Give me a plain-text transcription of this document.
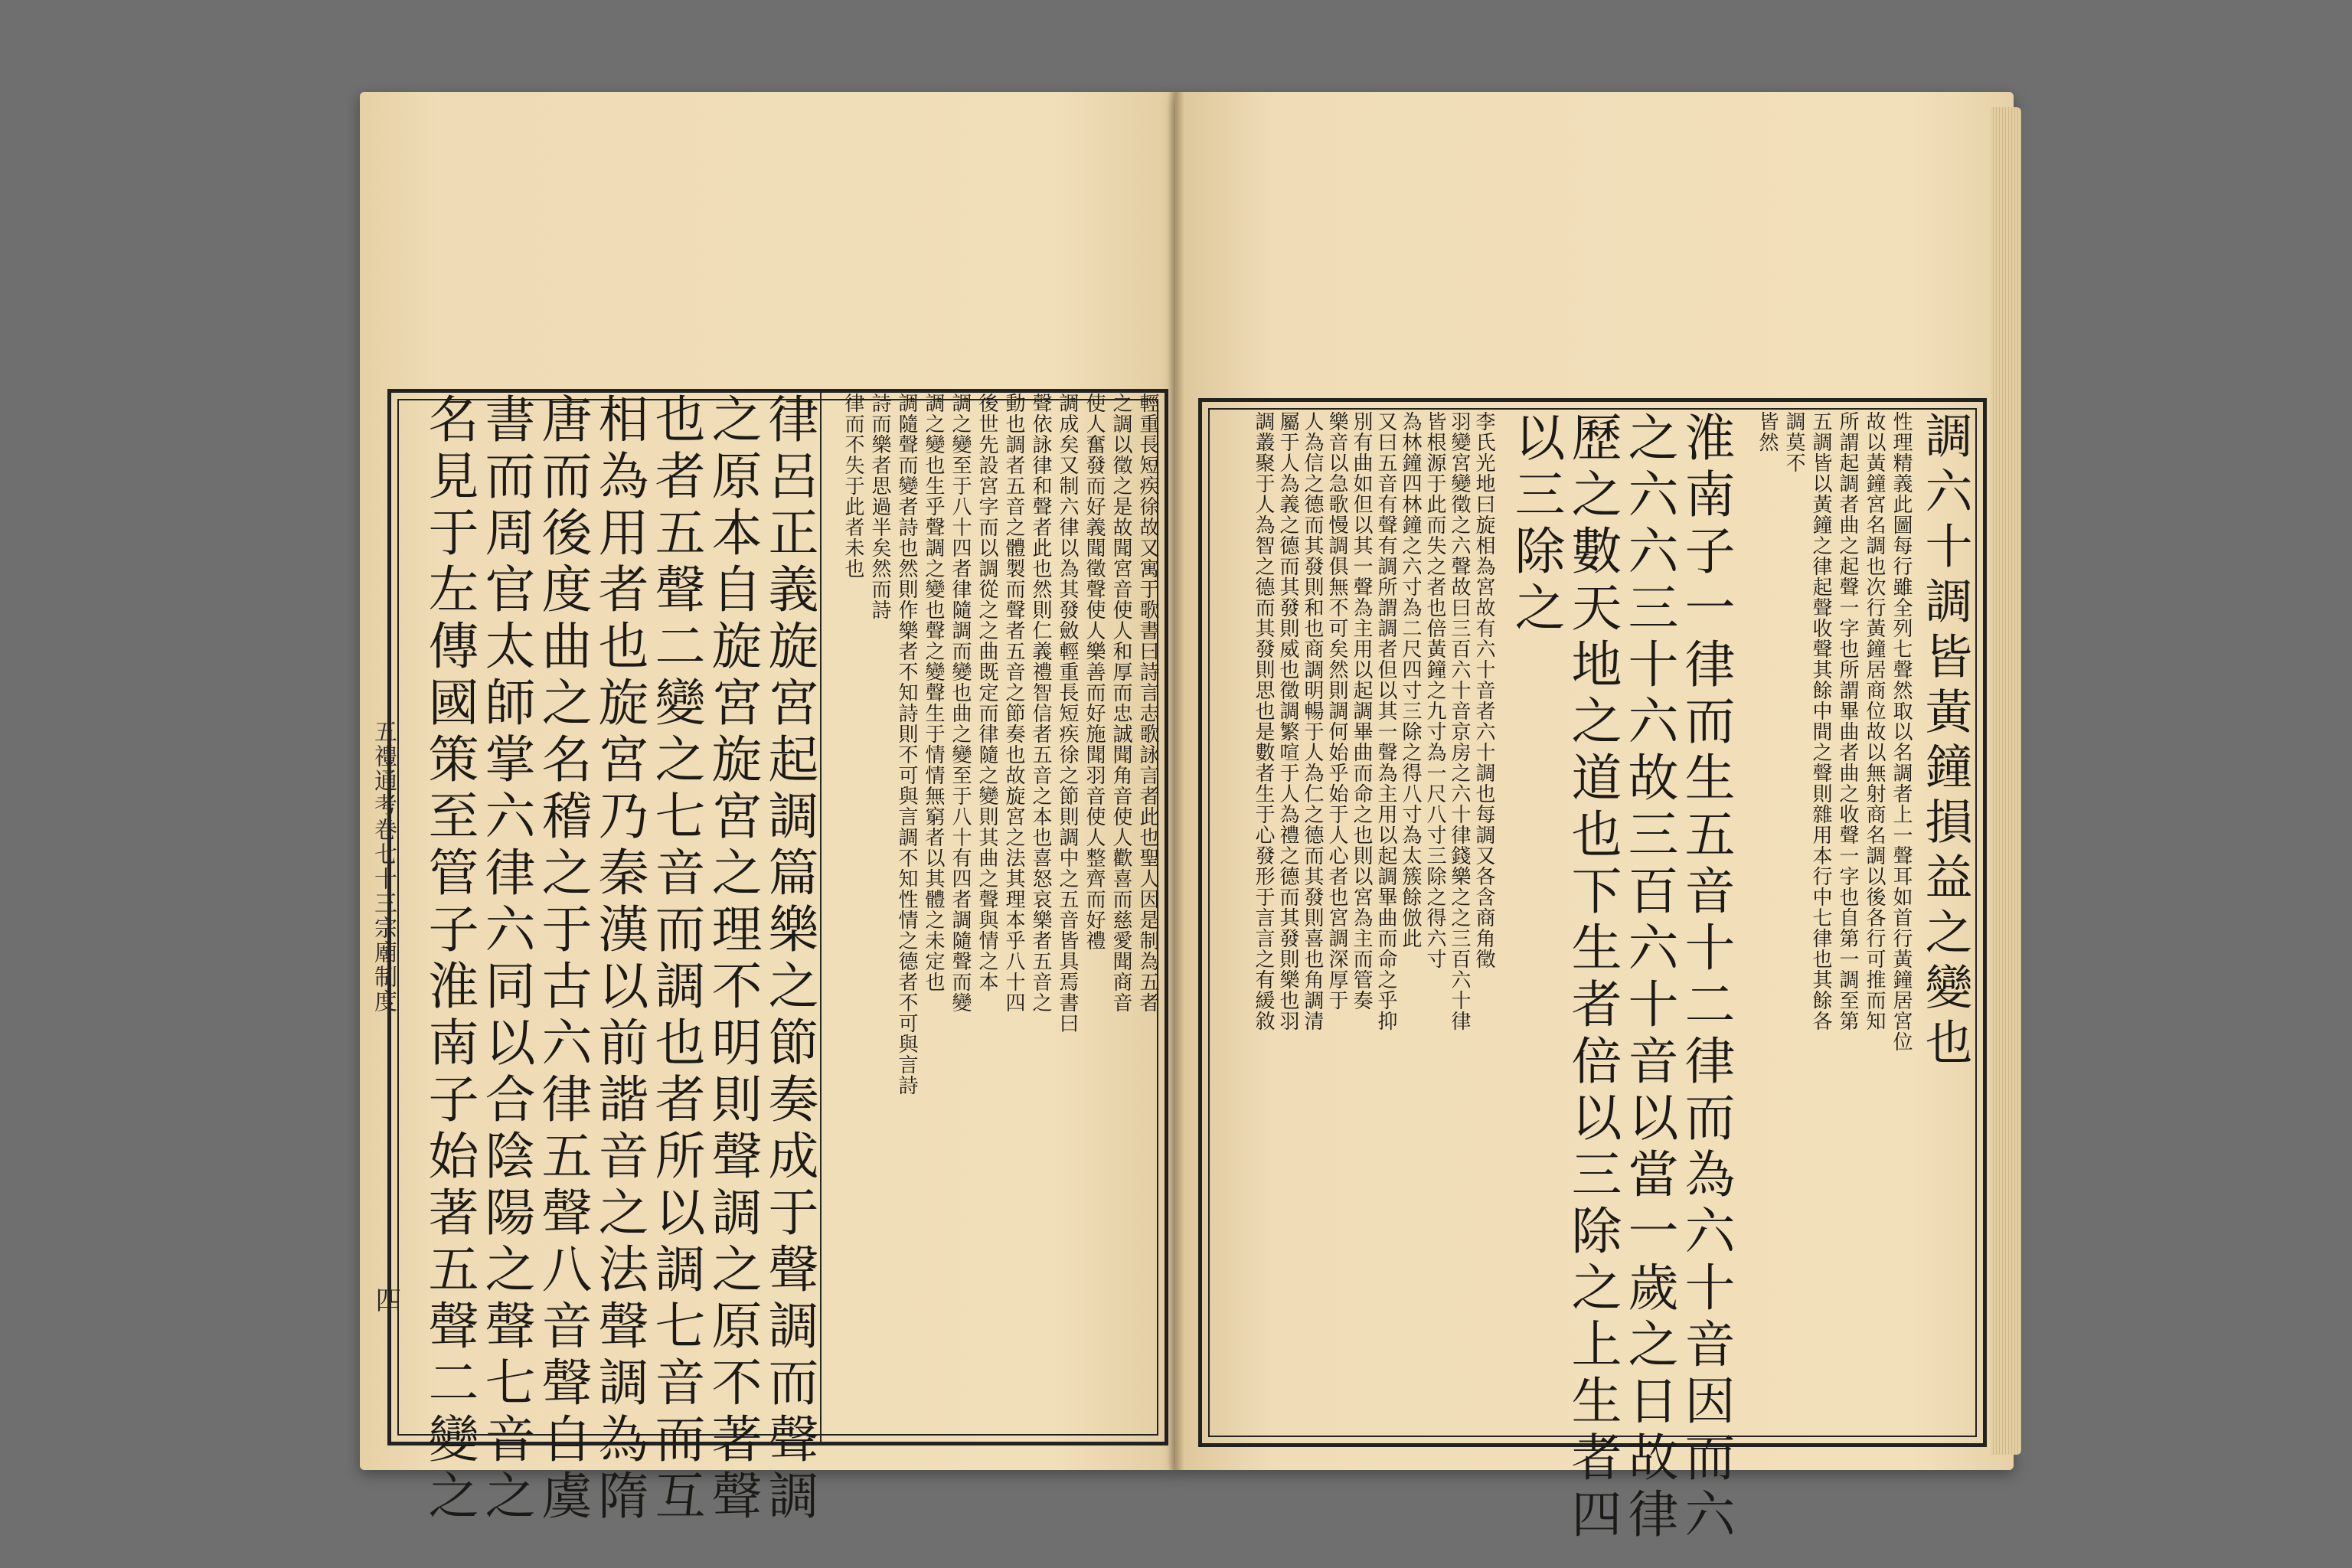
律呂正義旋宮起調篇樂之節奏成于聲調而聲調
之原本自旋宮旋宮之理不明則聲調之原不著聲
也者五聲二變之七音而調也者所以調七音而互
相為用者也旋宮乃秦漢以前諧音之法聲調為隋
唐而後度曲之名稽之于古六律五聲八音聲自虞
書而周官太師掌六律六同以合陰陽之聲七音之
名見于左傳國策至管子淮南子始著五聲二變之	輕重長短疾徐故又寓于歌書曰詩言志歌詠言者此也聖人因是制為五者
之調以徵之是故聞宮音使人和厚而忠誠聞角音使人歡喜而慈愛聞商音
使人奮發而好義聞徵聲使人樂善而好施聞羽音使人整齊而好禮
調成矣又制六律以為其發斂輕重長短疾徐之節則調中之五音皆具焉書曰
聲依詠律和聲者此也然則仁義禮智信者五音之本也喜怒哀樂者五音之
動也調者五音之體製而聲者五音之節奏也故旋宮之法其理本乎八十四
後世先設宮字而以調從之之曲既定而律隨之變則其曲之聲與情之本
調之變至于八十四者律隨調而變也曲之變至于八十有四者調隨聲而變
調之變也生乎聲調之變也聲之變聲生于情情無窮者以其體之未定也
調隨聲而變者詩也然則作樂者不知詩則不可與言調不知性情之德者不可與言詩
詩而樂者思過半矣然而詩
律而不失于此者未也
五禮通考卷七十三宗廟制度
四
調六十調皆黃鐘損益之變也
性理精義此圖每行雖全列七聲然取以名調者上一聲耳如首行黃鐘居宮位
故以黃鐘宮名調也次行黃鐘居商位故以無射商名調以後各行可推而知
所謂起調者曲之起聲一字也所謂畢曲者曲之收聲一字也自第一調至第
五調皆以黃鐘之律起聲收聲其餘中間之聲則雜用本行中七律也其餘各
調莫不
皆然
淮南子一律而生五音十二律而為六十音因而六
之六六三十六故三百六十音以當一歲之日故律
歷之數天地之道也下生者倍以三除之上生者四
以三除之
李氏光地曰旋相為宮故有六十音者六十調也每調又各含商角徵
羽變宮變徵之六聲故曰三百六十音京房之六十律錢樂之之三百六十律
皆根源于此而失之者也倍黃鐘之九寸為一尺八寸三除之得六寸
為林鐘四林鐘之六寸為二尺四寸三除之得八寸為太簇餘倣此
又曰五音有聲有調所謂調者但以其一聲為主用以起調畢曲而命之乎抑
別有曲如但以其一聲為主用以起調畢曲而命之也則以宮為主而管奏
樂音以急歌慢調俱無不可矣然則調何始乎始于人心者也宮調深厚于
人為信之德而其發則和也商調明暢于人為仁之德而其發則喜也角調清
屬于人為義之德而其發則威也徵調繁喧于人為禮之德而其發則樂也羽
調叢聚于人為智之德而其發則思也是數者生于心發形于言言之有緩敘
